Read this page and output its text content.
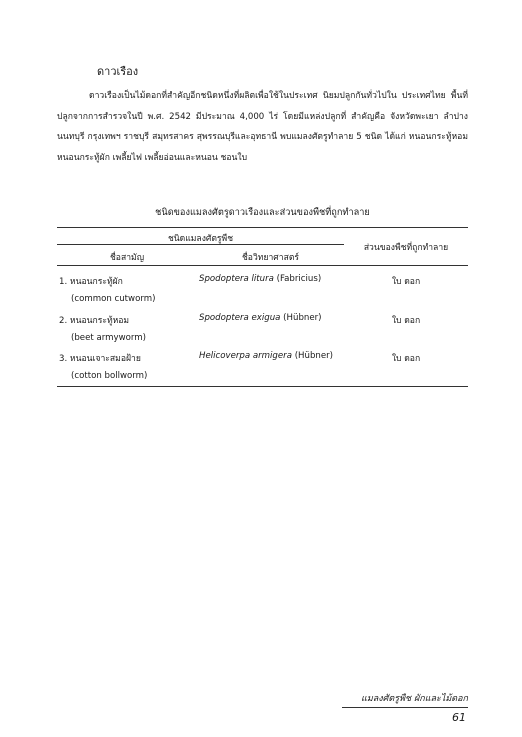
ดาวเรือง
ดาวเรืองเป็นไม้ดอกที่สำคัญอีกชนิดหนึ่งที่ผลิตเพื่อใช้ในประเทศ นิยมปลูกกันทั่วไปใน ประเทศไทย พื้นที่ปลูกจากการสำรวจในปี พ.ศ. 2542 มีประมาณ 4,000 ไร่ โดยมีแหล่งปลูกที่ สำคัญคือ จังหวัดพะเยา ลำปาง นนทบุรี กรุงเทพฯ ราชบุรี สมุทรสาคร สุพรรณบุรีและอุทธานี พบแมลงศัตรูทำลาย 5 ชนิด ได้แก่ หนอนกระทู้หอม หนอนกระทู้ผัก เพลี้ยไฟ เพลี้ยอ่อนและหนอน ชอนใบ
ชนิดของแมลงศัตรูดาวเรืองและส่วนของพืชที่ถูกทำลาย
ชนิดแมลงศัตรูพืช
ชื่อสามัญ	ชื่อวิทยาศาสตร์
ส่วนของพืชที่ถูกทำลาย
1. หนอนกระทู้ผัก
(common cutworm)
Spodoptera litura (Fabricius)	ใบ ดอก
2. หนอนกระทู้หอม
(beet armyworm)
Spodoptera exigua (Hübner)	ใบ ดอก
3. หนอนเจาะสมอฝ้าย
(cotton bollworm)
Helicoverpa armigera (Hübner)	ใบ ดอก
แมลงศัตรูพืช ผักและไม้ดอก
61
